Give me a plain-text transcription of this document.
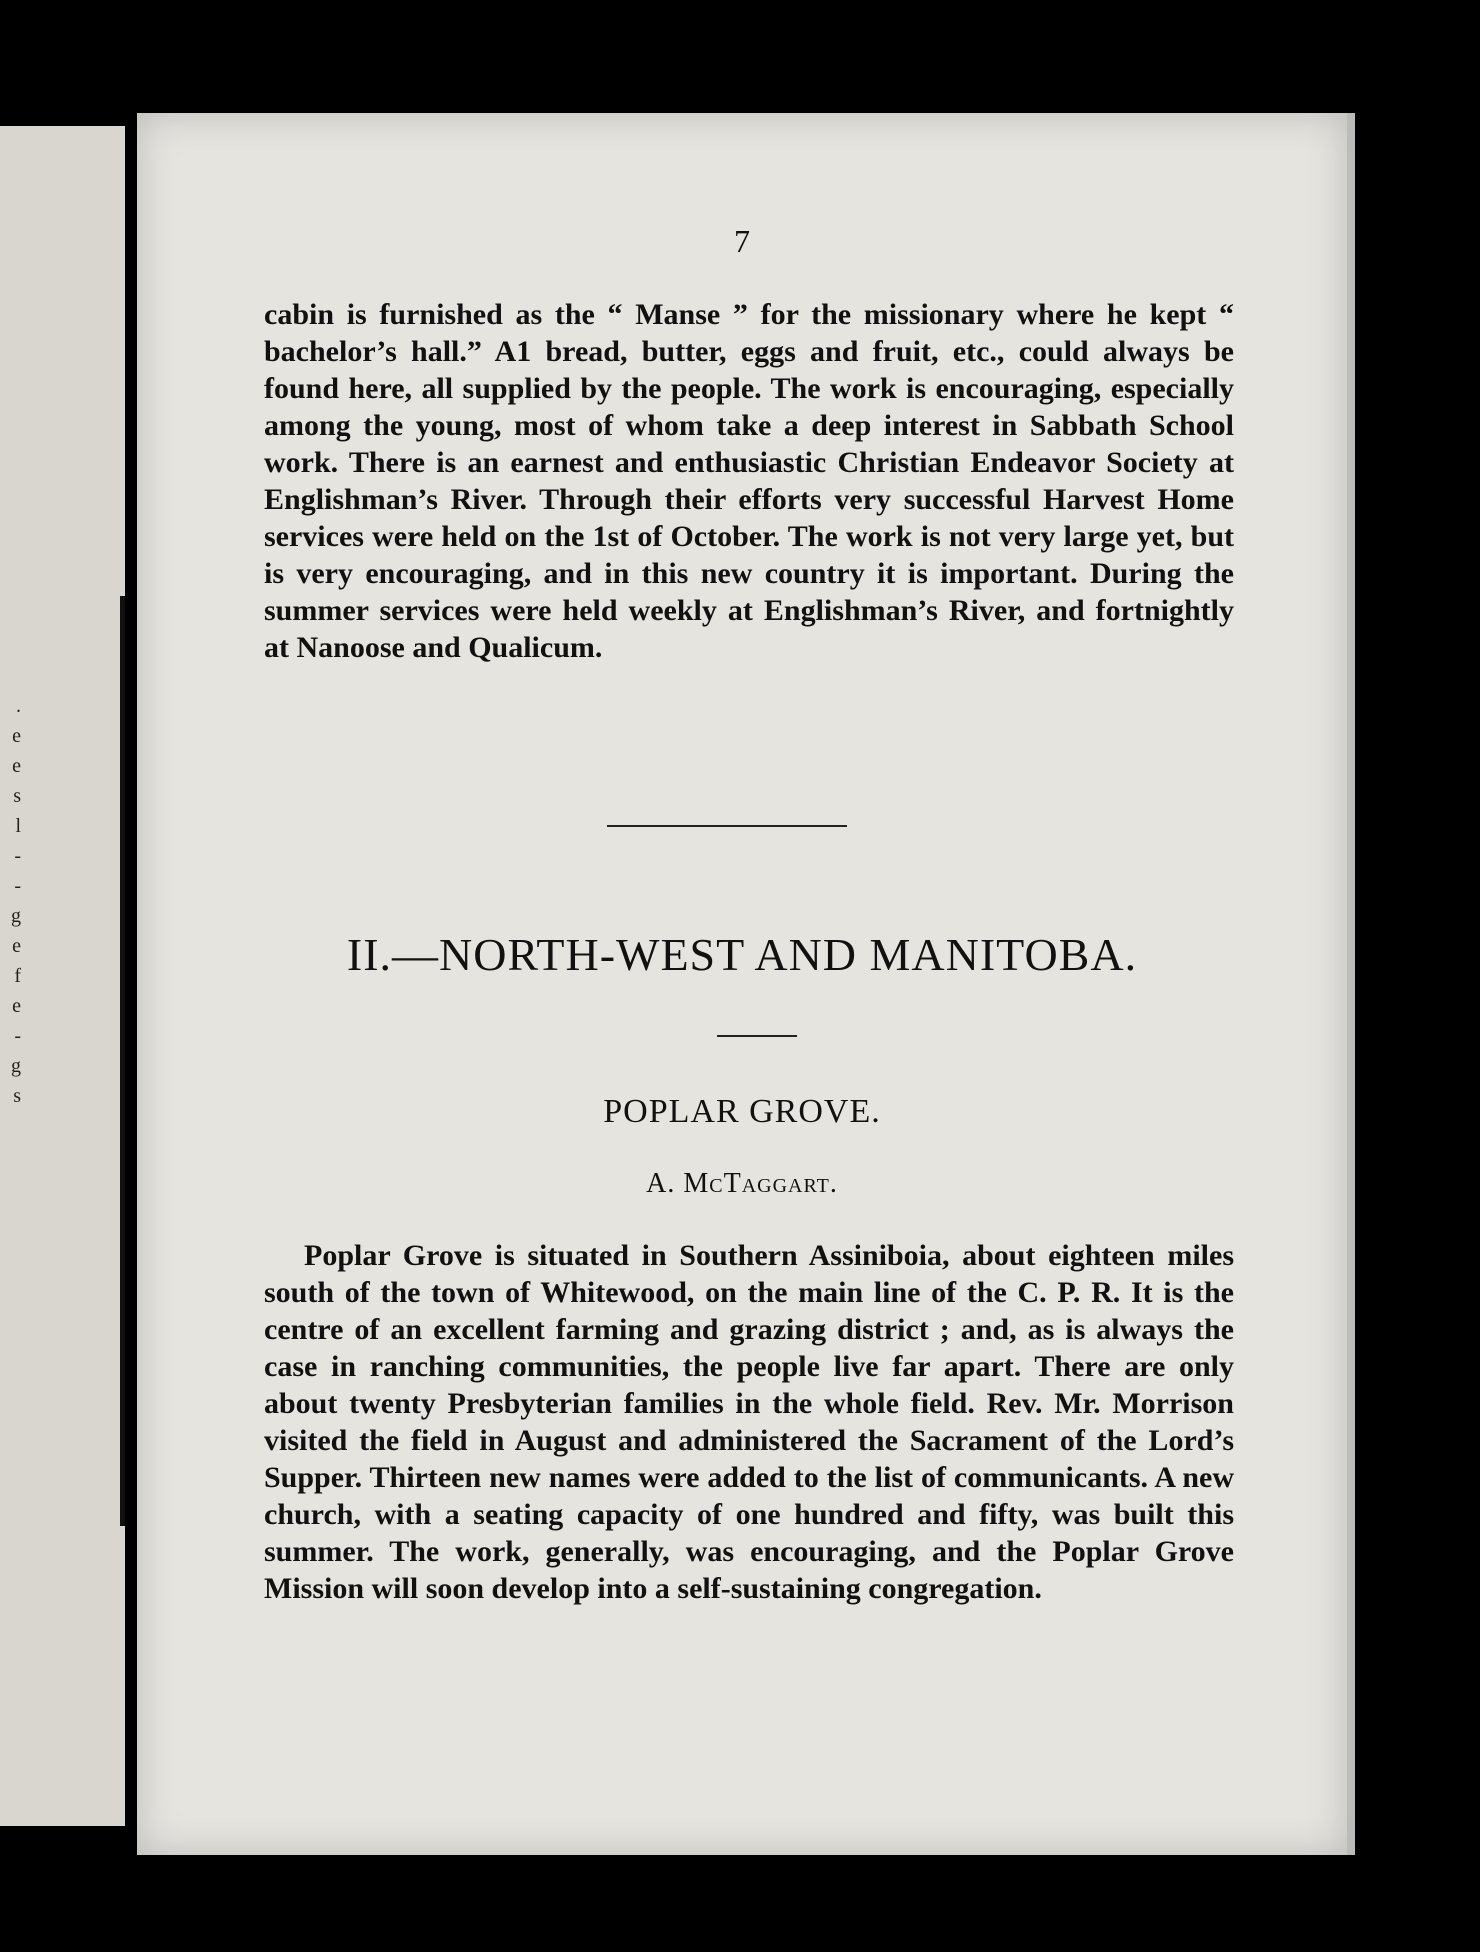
.
e
e
s
l
-
-
g
e
f
e
-
g
s
7
cabin is furnished as the “ Manse ” for the missionary where he kept “ bachelor’s hall.” A1 bread, butter, eggs and fruit, etc., could always be found here, all supplied by the people. The work is encouraging, especially among the young, most of whom take a deep interest in Sabbath School work. There is an earnest and enthusiastic Christian Endeavor Society at Englishman’s River. Through their efforts very successful Harvest Home services were held on the 1st of October. The work is not very large yet, but is very encouraging, and in this new country it is important. During the summer services were held weekly at Englishman’s River, and fortnightly at Nanoose and Qualicum.
II.—NORTH-WEST AND MANITOBA.
POPLAR GROVE.
A. McTaggart.
Poplar Grove is situated in Southern Assiniboia, about eighteen miles south of the town of Whitewood, on the main line of the C. P. R. It is the centre of an excellent farming and grazing district ; and, as is always the case in ranching communities, the people live far apart. There are only about twenty Presbyterian families in the whole field. Rev. Mr. Morrison visited the field in August and administered the Sacrament of the Lord’s Supper. Thirteen new names were added to the list of communicants. A new church, with a seating capacity of one hundred and fifty, was built this summer. The work, generally, was encouraging, and the Poplar Grove Mission will soon develop into a self-sustaining congregation.
